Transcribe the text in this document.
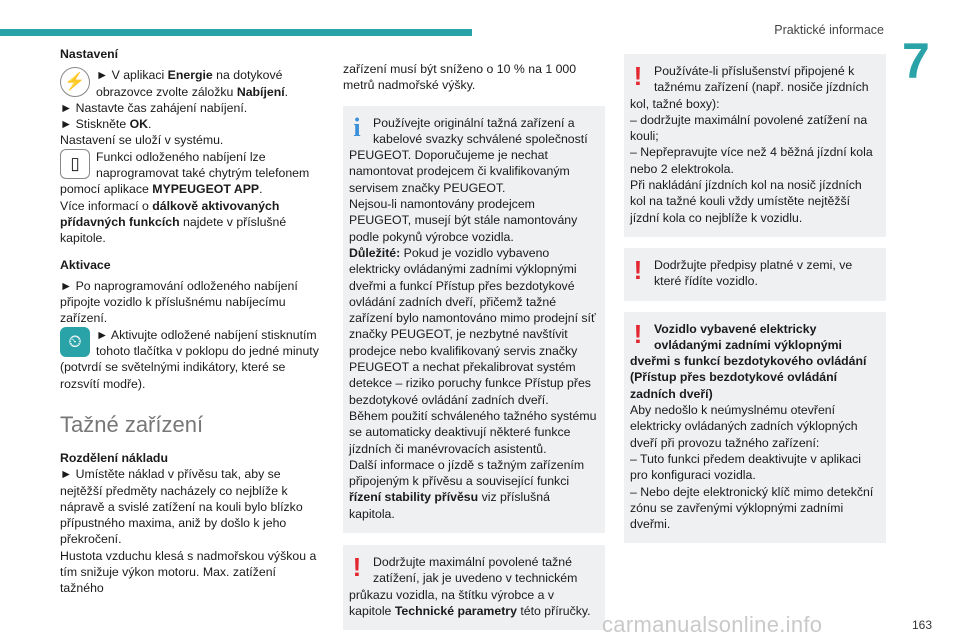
Praktické informace
7

Nastavení

⚡ ► V aplikaci Energie na dotykové obrazovce zvolte záložku Nabíjení.

► Nastavte čas zahájení nabíjení.

► Stiskněte OK.

Nastavení se uloží v systému.

▯	Funkci odloženého nabíjení lze naprogramovat také chytrým telefonem pomocí aplikace MYPEUGEOT APP.

Více informací o dálkově aktivovaných přídavných funkcích najdete v příslušné kapitole.

Aktivace

► Po naprogramování odloženého nabíjení připojte vozidlo k příslušnému nabíjecímu zařízení.

⏲	► Aktivujte odložené nabíjení stisknutím tohoto tlačítka v poklopu do jedné minuty (potvrdí se světelnými indikátory, které se rozsvítí modře).

Tažné zařízení

Rozdělení nákladu

► Umístěte náklad v přívěsu tak, aby se nejtěžší předměty nacházely co nejblíže k nápravě a svislé zatížení na kouli bylo blízko přípustného maxima, aniž by došlo k jeho překročení.

Hustota vzduchu klesá s nadmořskou výškou a tím snižuje výkon motoru. Max. zatížení tažného

zařízení musí být sníženo o 10 % na 1 000 metrů nadmořské výšky.

i	Používejte originální tažná zařízení a kabelové svazky schválené společností PEUGEOT. Doporučujeme je nechat namontovat prodejcem či kvalifikovaným servisem značky PEUGEOT.

Nejsou-li namontovány prodejcem PEUGEOT, musejí být stále namontovány podle pokynů výrobce vozidla.

Důležité: Pokud je vozidlo vybaveno elektricky ovládanými zadními výklopnými dveřmi a funkcí Přístup přes bezdotykové ovládání zadních dveří, přičemž tažné zařízení bylo namontováno mimo prodejní síť značky PEUGEOT, je nezbytné navštívit prodejce nebo kvalifikovaný servis značky PEUGEOT a nechat překalibrovat systém detekce – riziko poruchy funkce Přístup přes bezdotykové ovládání zadních dveří.

Během použití schváleného tažného systému se automaticky deaktivují některé funkce jízdních či manévrovacích asistentů.

Další informace o jízdě s tažným zařízením připojeným k přívěsu a související funkci řízení stability přívěsu viz příslušná kapitola.

! Dodržujte maximální povolené tažné zatížení, jak je uvedeno v technickém průkazu vozidla, na štítku výrobce a v kapitole Technické parametry této příručky.

! Používáte-li příslušenství připojené k tažnému zařízení (např. nosiče jízdních kol, tažné boxy):

– dodržujte maximální povolené zatížení na kouli;

– Nepřepravujte více než 4 běžná jízdní kola nebo 2 elektrokola.

Při nakládání jízdních kol na nosič jízdních kol na tažné kouli vždy umístěte nejtěžší jízdní kola co nejblíže k vozidlu.

! Dodržujte předpisy platné v zemi, ve které řídíte vozidlo.

! Vozidlo vybavené elektricky ovládanými zadními výklopnými dveřmi s funkcí bezdotykového ovládání (Přístup přes bezdotykové ovládání zadních dveří)

Aby nedošlo k neúmyslnému otevření elektricky ovládaných zadních výklopných dveří při provozu tažného zařízení:

– Tuto funkci předem deaktivujte v aplikaci pro konfiguraci vozidla.

– Nebo dejte elektronický klíč mimo detekční zónu se zavřenými výklopnými zadními dveřmi.

carmanualsonline.info	163
